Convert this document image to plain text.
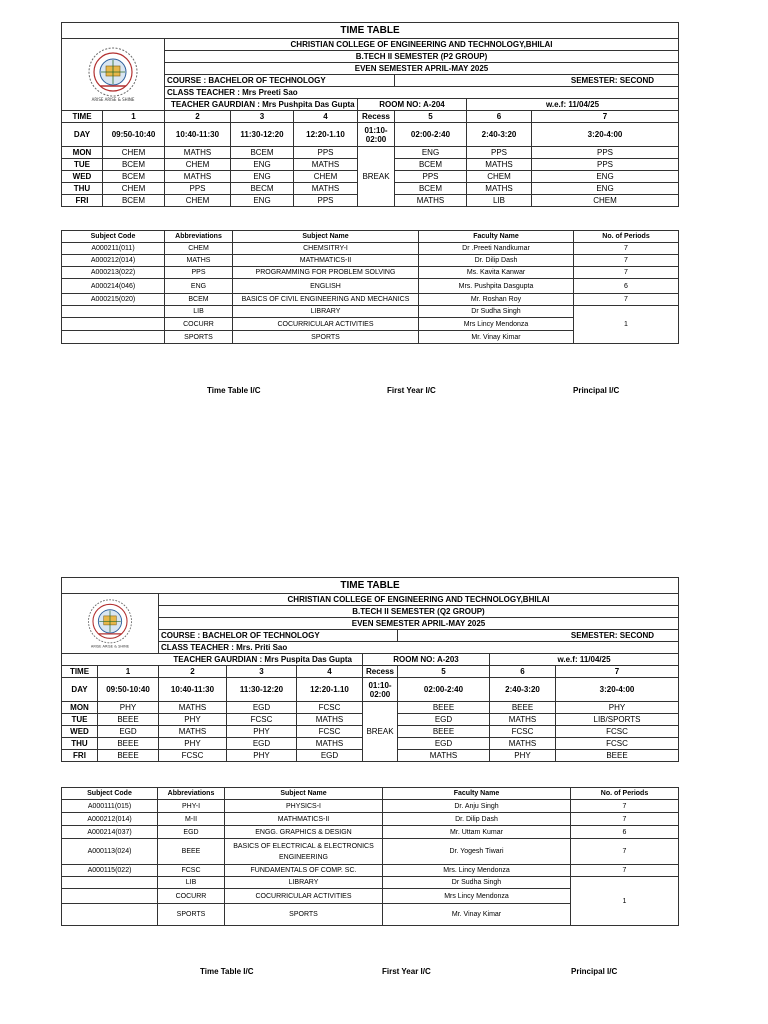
TIME TABLE								

ARISE ARISE & SHINE		CHRISTIAN COLLEGE OF ENGINEERING AND TECHNOLOGY,BHILAI						
		B.TECH II SEMESTER (P2 GROUP)						
		EVEN SEMESTER APRIL-MAY 2025						
		COURSE : BACHELOR OF TECHNOLOGY				SEMESTER: SECOND		
		CLASS TEACHER : Mrs Preeti Sao						
		TEACHER GAURDIAN : Mrs Pushpita Das Gupta			ROOM NO: A-204		w.e.f: 11/04/25	
TIME	1	2	3	4	Recess	5	6	7
DAY	09:50-10:40	10:40-11:30	11:30-12:20	12:20-1.10	01:10-02:00	02:00-2:40	2:40-3:20	3:20-4:00
MON	CHEM	MATHS	BCEM	PPS	BREAK	ENG	PPS	PPS
TUE	BCEM	CHEM	ENG	MATHS		BCEM	MATHS	PPS
WED	BCEM	MATHS	ENG	CHEM		PPS	CHEM	ENG
THU	CHEM	PPS	BECM	MATHS		BCEM	MATHS	ENG
FRI	BCEM	CHEM	ENG	PPS		MATHS	LIB	CHEM
Subject Code	Abbreviations	Subject Name	Faculty Name	No. of Periods
A000211(011)	CHEM	CHEMSITRY-I	Dr .Preeti Nandkumar	7
A000212(014)	MATHS	MATHMATICS-II	Dr. Dilip Dash	7
A000213(022)	PPS	PROGRAMMING FOR PROBLEM SOLVING	Ms. Kavita Kanwar	7
A000214(046)	ENG	ENGLISH	Mrs. Pushpita Dasgupta	6
A000215(020)	BCEM	BASICS OF CIVIL ENGINEERING AND MECHANICS	Mr. Roshan Roy	7
	LIB	LIBRARY	Dr Sudha Singh	1
	COCURR	COCURRICULAR ACTIVITIES	Mrs Lincy Mendonza	
	SPORTS	SPORTS	Mr. Vinay Kimar	
Time Table I/C	First Year I/C	Principal I/C
TIME TABLE								

ARISE ARISE & SHINE		CHRISTIAN COLLEGE OF ENGINEERING AND TECHNOLOGY,BHILAI						
		B.TECH II SEMESTER (Q2 GROUP)						
		EVEN SEMESTER APRIL-MAY 2025						
		COURSE : BACHELOR OF TECHNOLOGY				SEMESTER: SECOND		
		CLASS TEACHER : Mrs. Priti Sao						
TEACHER GAURDIAN : Mrs Puspita Das Gupta					ROOM NO: A-203		w.e.f: 11/04/25	
TIME	1	2	3	4	Recess	5	6	7
DAY	09:50-10:40	10:40-11:30	11:30-12:20	12:20-1.10	01:10-02:00	02:00-2:40	2:40-3:20	3:20-4:00
MON	PHY	MATHS	EGD	FCSC	BREAK	BEEE	BEEE	PHY
TUE	BEEE	PHY	FCSC	MATHS		EGD	MATHS	LIB/SPORTS
WED	EGD	MATHS	PHY	FCSC		BEEE	FCSC	FCSC
THU	BEEE	PHY	EGD	MATHS		EGD	MATHS	FCSC
FRI	BEEE	FCSC	PHY	EGD		MATHS	PHY	BEEE
Subject Code	Abbreviations	Subject Name	Faculty Name	No. of Periods
A000111(015)	PHY-I	PHYSICS-I	Dr. Anju Singh	7
A000212(014)	M-II	MATHMATICS-II	Dr. Dilip Dash	7
A000214(037)	EGD	ENGG. GRAPHICS & DESIGN	Mr. Uttam Kumar	6
A000113(024)	BEEE	BASICS OF ELECTRICAL & ELECTRONICS ENGINEERING	Dr. Yogesh Tiwari	7
A000115(022)	FCSC	FUNDAMENTALS OF COMP. SC.	Mrs. Lincy Mendonza	7
	LIB	LIBRARY	Dr Sudha Singh	1
	COCURR	COCURRICULAR ACTIVITIES	Mrs Lincy Mendonza	
	SPORTS	SPORTS	Mr. Vinay Kimar	
Time Table I/C	First Year I/C	Principal I/C
